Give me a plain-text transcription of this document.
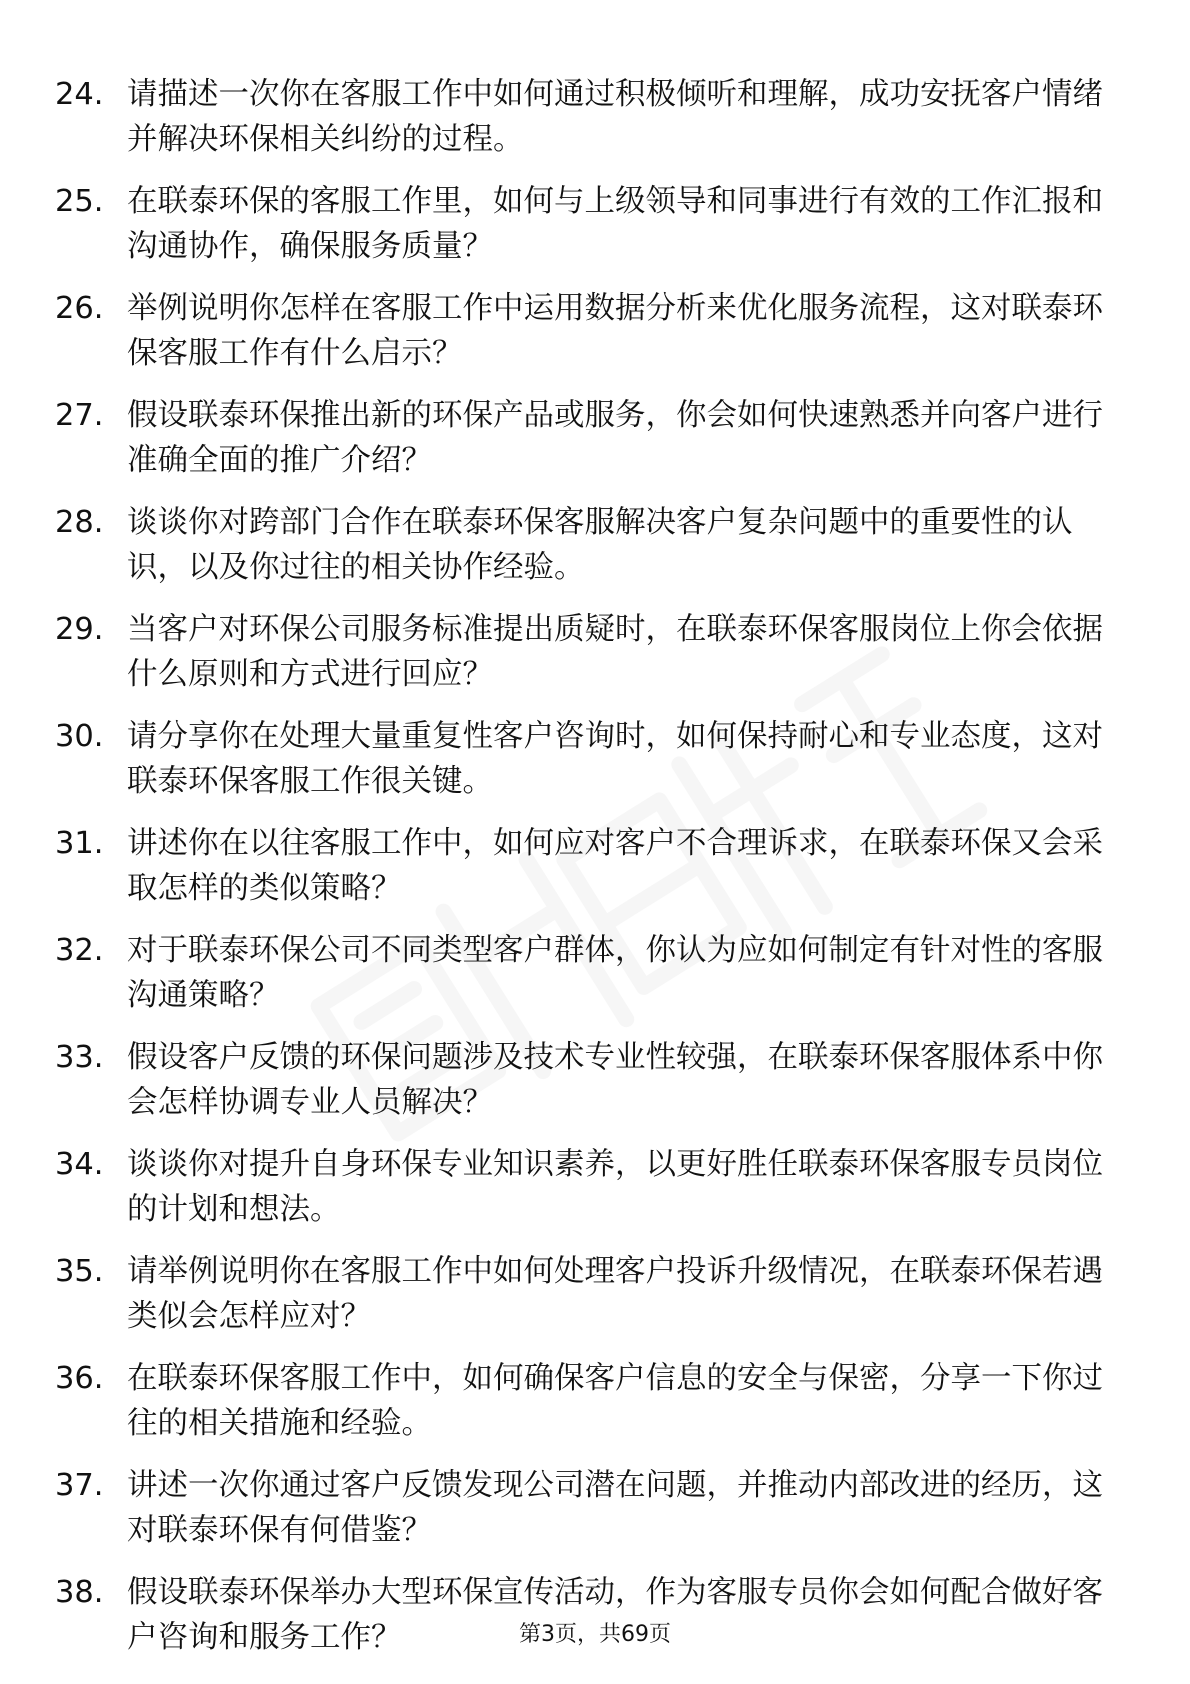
24. 请描述一次你在客服工作中如何通过积极倾听和理解，成功安抚客户情绪并解决环保相关纠纷的过程。
25. 在联泰环保的客服工作里，如何与上级领导和同事进行有效的工作汇报和沟通协作，确保服务质量？
26. 举例说明你怎样在客服工作中运用数据分析来优化服务流程，这对联泰环保客服工作有什么启示？
27. 假设联泰环保推出新的环保产品或服务，你会如何快速熟悉并向客户进行准确全面的推广介绍？
28. 谈谈你对跨部门合作在联泰环保客服解决客户复杂问题中的重要性的认识，以及你过往的相关协作经验。
29. 当客户对环保公司服务标准提出质疑时，在联泰环保客服岗位上你会依据什么原则和方式进行回应？
30. 请分享你在处理大量重复性客户咨询时，如何保持耐心和专业态度，这对联泰环保客服工作很关键。
31. 讲述你在以往客服工作中，如何应对客户不合理诉求，在联泰环保又会采取怎样的类似策略？
32. 对于联泰环保公司不同类型客户群体，你认为应如何制定有针对性的客服沟通策略？
33. 假设客户反馈的环保问题涉及技术专业性较强，在联泰环保客服体系中你会怎样协调专业人员解决？
34. 谈谈你对提升自身环保专业知识素养，以更好胜任联泰环保客服专员岗位的计划和想法。
35. 请举例说明你在客服工作中如何处理客户投诉升级情况，在联泰环保若遇类似会怎样应对？
36. 在联泰环保客服工作中，如何确保客户信息的安全与保密，分享一下你过往的相关措施和经验。
37. 讲述一次你通过客户反馈发现公司潜在问题，并推动内部改进的经历，这对联泰环保有何借鉴？
38. 假设联泰环保举办大型环保宣传活动，作为客服专员你会如何配合做好客户咨询和服务工作？	第3页，共69页
